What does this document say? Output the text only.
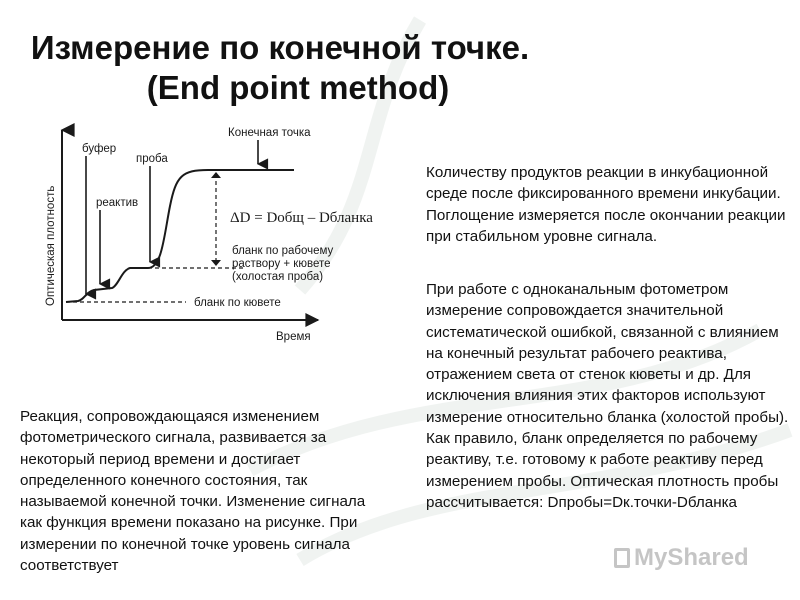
Измерение по конечной точке.
(End point method)
Оптическая плотность
Время
буфер
реактив
проба
Конечная точка
ΔD = Dобщ – Dбланка
бланк по рабочему
раствору + кювете
(холостая проба)
бланк по кювете

Количеству продуктов реакции в инкубационной среде после фиксированного времени инкубации. Поглощение измеряется после окончании реакции при стабильном уровне сигнала.

При работе с одноканальным фотометром измерение сопровождается значительной систематической ошибкой, связанной с влиянием на конечный результат рабочего реактива, отражением света от стенок кюветы и др. Для исключения влияния этих факторов используют измерение относительно бланка (холостой пробы). Как правило, бланк определяется по рабочему реактиву, т.е. готовому к работе реактиву перед измерением пробы. Оптическая плотность пробы рассчитывается: Dпробы=Dк.точки-Dбланка

Реакция, сопровождающаяся изменением фотометрического сигнала, развивается за некоторый период времени и достигает определенного конечного состояния, так называемой конечной точки. Изменение сигнала как функция времени показано на рисунке. При измерении по конечной точке уровень сигнала соответствует	MyShared
